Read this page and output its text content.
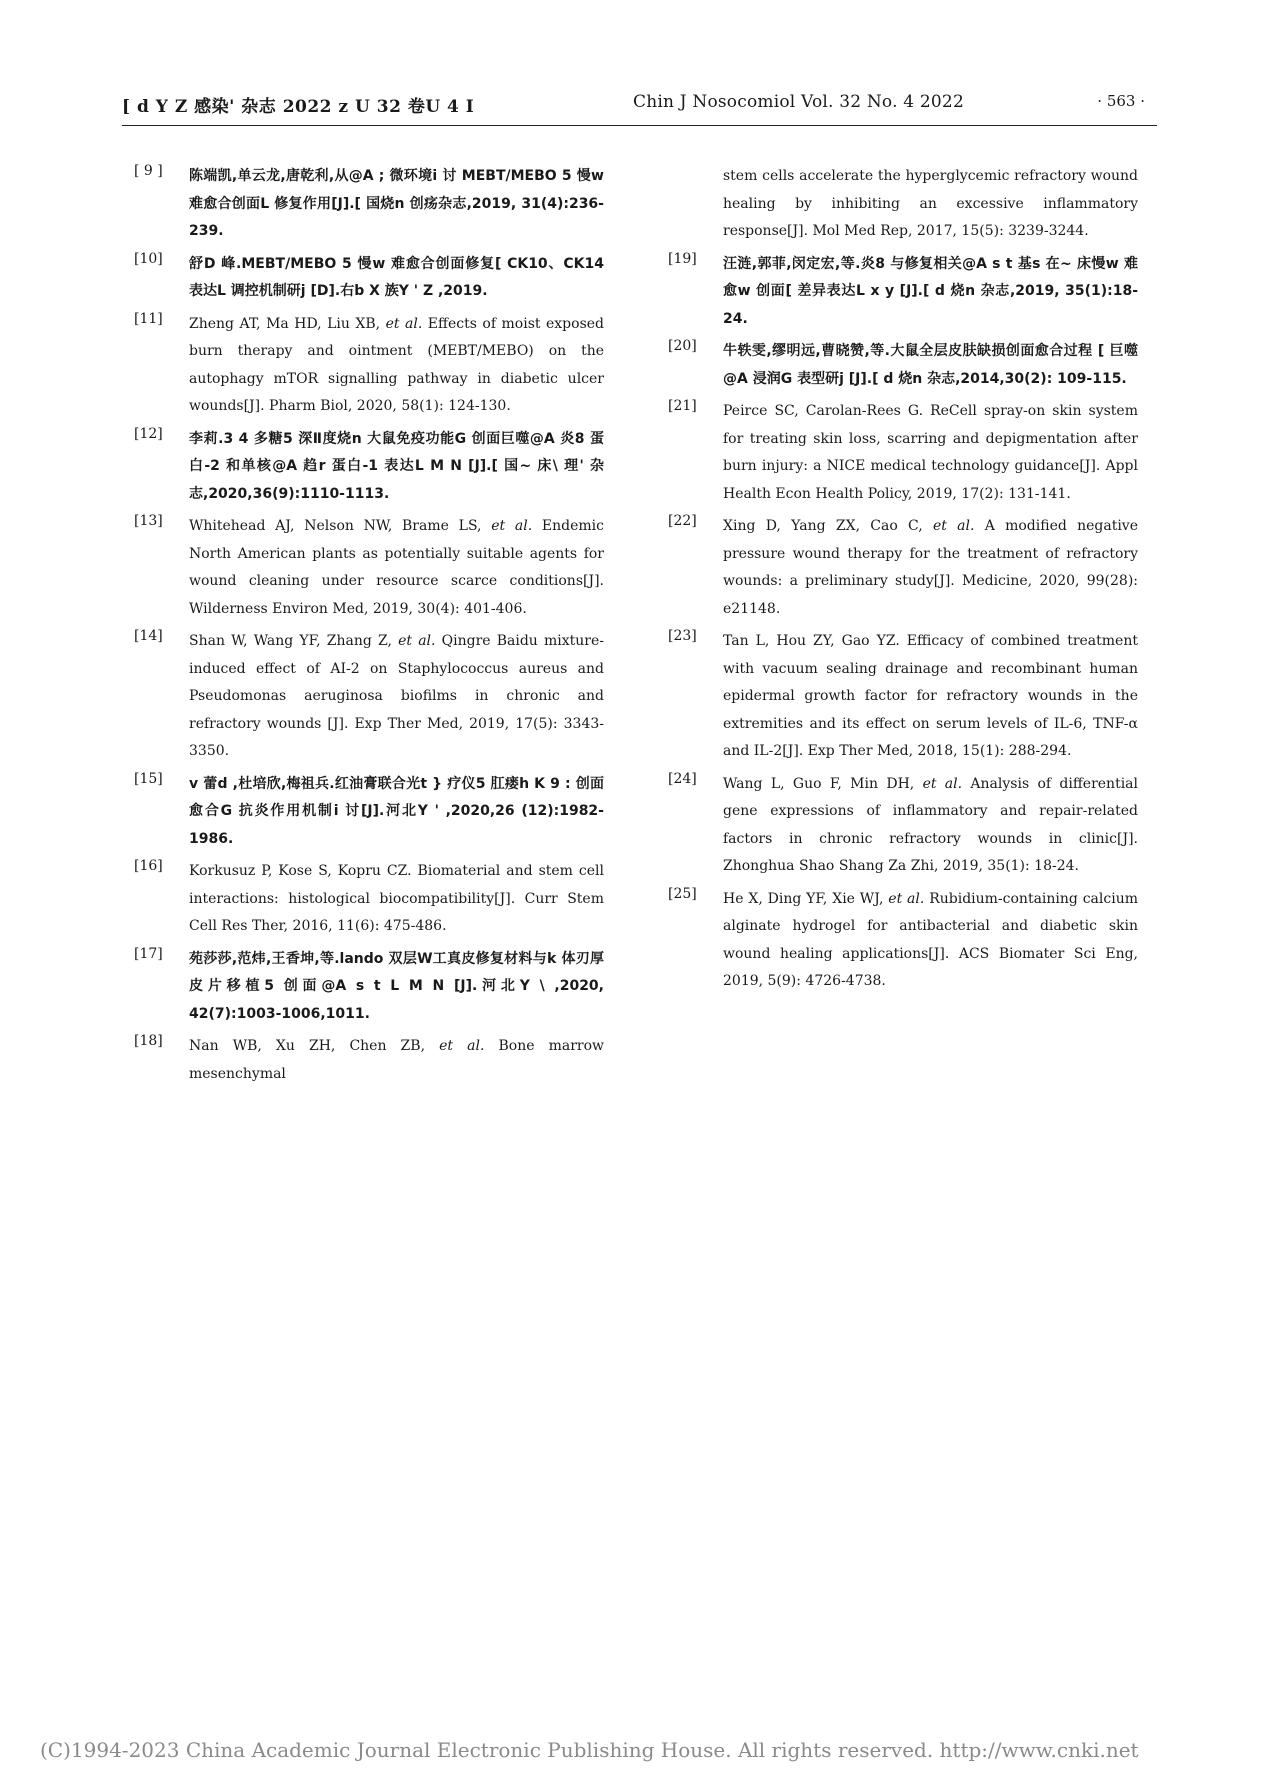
[ d Y Z 感染' 杂志 2022 z U 32 卷U 4 I	Chin J Nosocomiol Vol. 32 No. 4 2022	· 563 ·
[ 9 ] 陈端凯,单云龙,唐乾利,从@A ; 微环境i 讨 MEBT/MEBO 5 慢w 难愈合创面L 修复作用[J].[ 国烧n 创疡杂志,2019, 31(4):236-239.
[10] 舒D 峰.MEBT/MEBO 5 慢w 难愈合创面修复[ CK10、CK14 表达L 调控机制研j [D].右b X 族Y ' Z ,2019.
[11] Zheng AT, Ma HD, Liu XB, et al. Effects of moist exposed burn therapy and ointment (MEBT/MEBO) on the autophagy mTOR signalling pathway in diabetic ulcer wounds[J]. Pharm Biol, 2020, 58(1): 124-130.
[12] 李莉.3 4 多糖5 深Ⅱ度烧n 大鼠免疫功能G 创面巨噬@A 炎8 蛋白-2 和单核@A 趋r 蛋白-1 表达L M N [J].[ 国~ 床\ 理' 杂志,2020,36(9):1110-1113.
[13] Whitehead AJ, Nelson NW, Brame LS, et al. Endemic North American plants as potentially suitable agents for wound cleaning under resource scarce conditions[J]. Wilderness Environ Med, 2019, 30(4): 401-406.
[14] Shan W, Wang YF, Zhang Z, et al. Qingre Baidu mixture-induced effect of AI-2 on Staphylococcus aureus and Pseudomonas aeruginosa biofilms in chronic and refractory wounds [J]. Exp Ther Med, 2019, 17(5): 3343-3350.
[15] v 蕾d ,杜培欣,梅祖兵.红油膏联合光t } 疗仪5 肛瘘h K 9 : 创面愈合G 抗炎作用机制i 讨[J].河北Y ' ,2020,26 (12):1982-1986.
[16] Korkusuz P, Kose S, Kopru CZ. Biomaterial and stem cell interactions: histological biocompatibility[J]. Curr Stem Cell Res Ther, 2016, 11(6): 475-486.
[17] 苑莎莎,范炜,王香坤,等.lando 双层W工真皮修复材料与k 体刃厚皮片移植5 创面@A s t L M N [J].河北Y \ ,2020, 42(7):1003-1006,1011.
[18] Nan WB, Xu ZH, Chen ZB, et al. Bone marrow mesenchymal
stem cells accelerate the hyperglycemic refractory wound healing by inhibiting an excessive inflammatory response[J]. Mol Med Rep, 2017, 15(5): 3239-3244.
[19] 汪涟,郭菲,闵定宏,等.炎8 与修复相关@A s t 基s 在~ 床慢w 难愈w 创面[ 差异表达L x y [J].[ d 烧n 杂志,2019, 35(1):18-24.
[20] 牛轶雯,缪明远,曹晓赞,等.大鼠全层皮肤缺损创面愈合过程 [ 巨噬@A 浸润G 表型研j [J].[ d 烧n 杂志,2014,30(2): 109-115.
[21] Peirce SC, Carolan-Rees G. ReCell spray-on skin system for treating skin loss, scarring and depigmentation after burn injury: a NICE medical technology guidance[J]. Appl Health Econ Health Policy, 2019, 17(2): 131-141.
[22] Xing D, Yang ZX, Cao C, et al. A modified negative pressure wound therapy for the treatment of refractory wounds: a preliminary study[J]. Medicine, 2020, 99(28): e21148.
[23] Tan L, Hou ZY, Gao YZ. Efficacy of combined treatment with vacuum sealing drainage and recombinant human epidermal growth factor for refractory wounds in the extremities and its effect on serum levels of IL-6, TNF-α and IL-2[J]. Exp Ther Med, 2018, 15(1): 288-294.
[24] Wang L, Guo F, Min DH, et al. Analysis of differential gene expressions of inflammatory and repair-related factors in chronic refractory wounds in clinic[J]. Zhonghua Shao Shang Za Zhi, 2019, 35(1): 18-24.
[25] He X, Ding YF, Xie WJ, et al. Rubidium-containing calcium alginate hydrogel for antibacterial and diabetic skin wound healing applications[J]. ACS Biomater Sci Eng, 2019, 5(9): 4726-4738.
(C)1994-2023 China Academic Journal Electronic Publishing House. All rights reserved. http://www.cnki.net
